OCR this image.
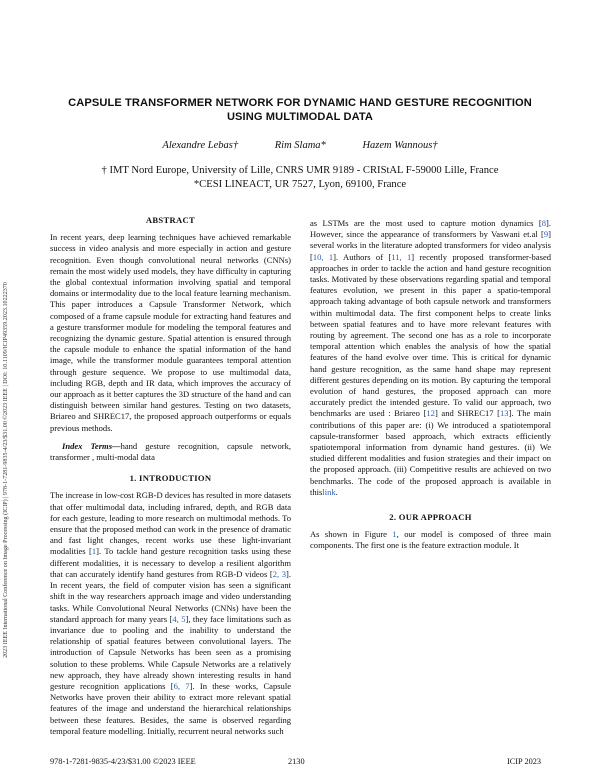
2023 IEEE International Conference on Image Processing (ICIP) | 978-1-7281-9835-4/23/$31.00 ©2023 IEEE | DOI: 10.1109/ICIP49359.2023.10222370
CAPSULE TRANSFORMER NETWORK FOR DYNAMIC HAND GESTURE RECOGNITION
USING MULTIMODAL DATA
Alexandre Lebas†	Rim Slama*	Hazem Wannous†
† IMT Nord Europe, University of Lille, CNRS UMR 9189 - CRIStAL F-59000 Lille, France
*CESI LINEACT, UR 7527, Lyon, 69100, France
ABSTRACT

In recent years, deep learning techniques have achieved remarkable success in video analysis and more especially in action and gesture recognition. Even though convolutional neural networks (CNNs) remain the most widely used models, they have difficulty in capturing the global contextual information involving spatial and temporal domains or intermodality due to the local feature learning mechanism. This paper introduces a Capsule Transformer Network, which composed of a frame capsule module for extracting hand features and a gesture transformer module for modeling the temporal features and recognizing the dynamic gesture. Spatial attention is ensured through the capsule module to enhance the spatial information of the hand image, while the transformer module guarantees temporal attention through gesture sequence. We propose to use multimodal data, including RGB, depth and IR data, which improves the accuracy of our approach as it better captures the 3D structure of the hand and can distinguish between similar hand gestures. Testing on two datasets, Briareo and SHREC17, the proposed approach outperforms or equals previous methods.

Index Terms—hand gesture recognition, capsule network, transformer , multi-modal data

1. INTRODUCTION

The increase in low-cost RGB-D devices has resulted in more datasets that offer multimodal data, including infrared, depth, and RGB data for each gesture, leading to more research on multimodal methods. To ensure that the proposed method can work in the presence of dramatic and fast light changes, recent works use these light-invariant modalities [1]. To tackle hand gesture recognition tasks using these different modalities, it is necessary to develop a resilient algorithm that can accurately identify hand gestures from RGB-D videos [2, 3]. In recent years, the field of computer vision has seen a significant shift in the way researchers approach image and video understanding tasks. While Convolutional Neural Networks (CNNs) have been the standard approach for many years [4, 5], they face limitations such as invariance due to pooling and the inability to understand the relationship of spatial features between convolutional layers. The introduction of Capsule Networks has been seen as a promising solution to these problems. While Capsule Networks are a relatively new approach, they have already shown interesting results in hand gesture recognition applications [6, 7]. In these works, Capsule Networks have proven their ability to extract more relevant spatial features of the image and understand the hierarchical relationships between these features. Besides, the same is observed regarding temporal feature modelling. Initially, recurrent neural networks such

as LSTMs are the most used to capture motion dynamics [8]. However, since the appearance of transformers by Vaswani et.al [9] several works in the literature adopted transformers for video analysis [10, 1]. Authors of [11, 1] recently proposed transformer-based approaches in order to tackle the action and hand gesture recognition tasks. Motivated by these observations regarding spatial and temporal features evolution, we present in this paper a spatio-temporal approach taking advantage of both capsule network and transformers within multimodal data. The first component helps to create links between spatial features and to have more relevant features with routing by agreement. The second one has as a role to incorporate temporal attention which enables the analysis of how the spatial features of the hand evolve over time. This is critical for dynamic hand gesture recognition, as the same hand shape may represent different gestures depending on its motion. By capturing the temporal evolution of hand gestures, the proposed approach can more accurately predict the intended gesture. To valid our approach, two benchmarks are used : Briareo [12] and SHREC17 [13]. The main contributions of this paper are: (i) We introduced a spatiotemporal capsule-transformer based approach, which extracts efficiently spatiotemporal information from dynamic hand gestures. (ii) We studied different modalities and fusion strategies and their impact on the proposed approach. (iii) Competitive results are achieved on two benchmarks. The code of the proposed approach is available in thislink.

2. OUR APPROACH

As shown in Figure 1, our model is composed of three main components. The first one is the feature extraction module. It

978-1-7281-9835-4/23/$31.00 ©2023 IEEE	2130	ICIP 2023
